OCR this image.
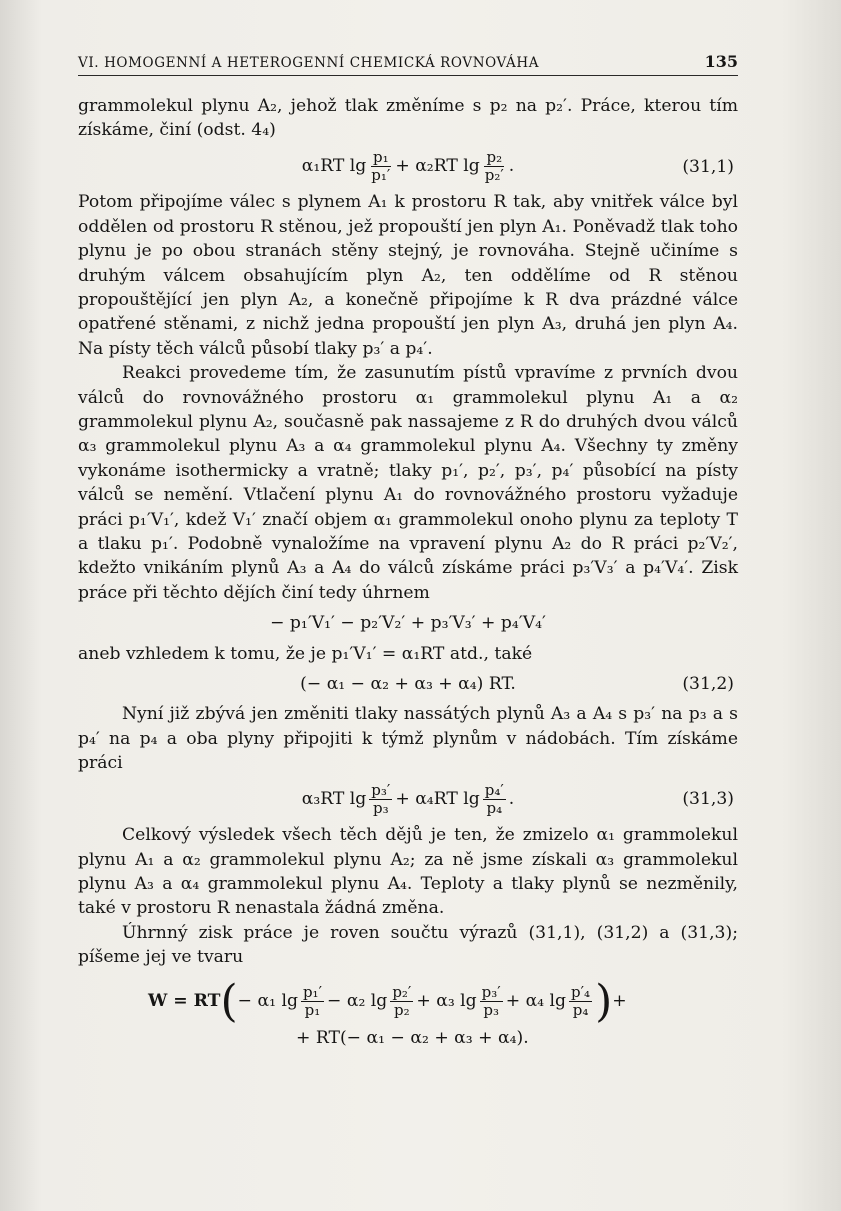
VI. HOMOGENNÍ A HETEROGENNÍ CHEMICKÁ ROVNOVÁHA	135

grammolekul plynu A₂, jehož tlak změníme s p₂ na p₂′. Práce, kterou tím získáme, činí (odst. 4₄)

α₁RT $\lg \frac{\text{p₁}}{\text{p₁′}} + \alpha_2RT$ $\lg \frac{\text{p₂}}{\text{p₂′}}$ .	(31,1)

Potom připojíme válec s plynem A₁ k prostoru R tak, aby vnitřek válce byl oddělen od prostoru R stěnou, jež propouští jen plyn A₁. Poněvadž tlak toho plynu je po obou stranách stěny stejný, je rovnováha. Stejně učiníme s druhým válcem obsahujícím plyn A₂, ten oddělíme od R stěnou propouštějící jen plyn A₂, a konečně připojíme k R dva prázdné válce opatřené stěnami, z nichž jedna propouští jen plyn A₃, druhá jen plyn A₄. Na písty těch válců působí tlaky p₃′ a p₄′.

Reakci provedeme tím, že zasunutím pístů vpravíme z prvních dvou válců do rovnovážného prostoru α₁ grammolekul plynu A₁ a α₂ grammolekul plynu A₂, současně pak nassajeme z R do druhých dvou válců α₃ grammolekul plynu A₃ a α₄ grammolekul plynu A₄. Všechny ty změny vykonáme isothermicky a vratně; tlaky p₁′, p₂′, p₃′, p₄′ působící na písty válců se nemění. Vtlačení plynu A₁ do rovnovážného prostoru vyžaduje práci p₁′V₁′, kdež V₁′ značí objem α₁ grammolekul onoho plynu za teploty T a tlaku p₁′. Podobně vynaložíme na vpravení plynu A₂ do R práci p₂′V₂′, kdežto vnikáním plynů A₃ a A₄ do válců získáme práci p₃′V₃′ a p₄′V₄′. Zisk práce při těchto dějích činí tedy úhrnem

− p₁′V₁′ − p₂′V₂′ + p₃′V₃′ + p₄′V₄′

aneb vzhledem k tomu, že je p₁′V₁′ = α₁RT atd., také

(− α₁ − α₂ + α₃ + α₄) RT.	(31,2)

Nyní již zbývá jen změniti tlaky nassátých plynů A₃ a A₄ s p₃′ na p₃ a s p₄′ na p₄ a oba plyny připojiti k týmž plynům v nádobách. Tím získáme práci

α₃RT $\lg \frac{\text{p₃′}}{\text{p₃}} + \alpha_4RT$ $\lg \frac{\text{p₄′}}{\text{p₄}}$ .	(31,3)

Celkový výsledek všech těch dějů je ten, že zmizelo α₁ grammolekul plynu A₁ a α₂ grammolekul plynu A₂; za ně jsme získali α₃ grammolekul plynu A₃ a α₄ grammolekul plynu A₄. Teploty a tlaky plynů se nezměnily, také v prostoru R nenastala žádná změna.

Úhrnný zisk práce je roven součtu výrazů (31,1), (31,2) a (31,3); píšeme jej ve tvaru

W = RT ( − α₁ $\lg \frac{\text{p₁′}}{\text{p₁}} - \alpha_2$ $\lg \frac{\text{p₂′}}{\text{p₂}} + \alpha_3$ $\lg \frac{\text{p₃′}}{\text{p₃}} + \alpha_4$ $\lg \frac{\text{p′₄}}{\text{p₄}}$ ) +
+ RT(− α₁ − α₂ + α₃ + α₄).
